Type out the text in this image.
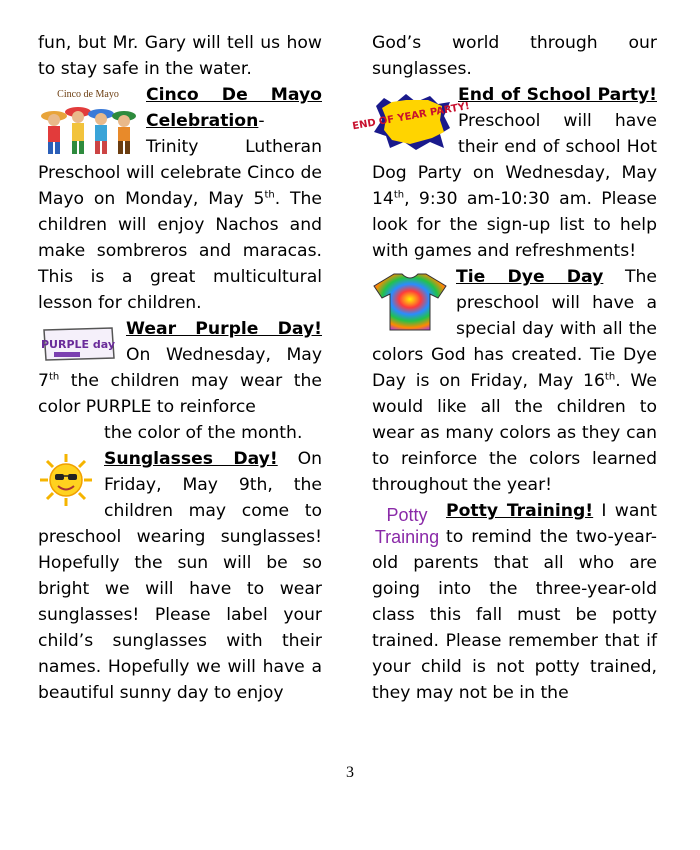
fun, but Mr. Gary will tell us how to stay safe in the water.

Cinco de Mayo	Cinco De Mayo Celebration- Trinity Lutheran Preschool will celebrate Cinco de Mayo on Monday, May 5th. The children will enjoy Nachos and make sombreros and maracas. This is a great multicultural lesson for children.

PURPLE day

Wear Purple Day! On Wednesday, May 7th the children may wear the color PURPLE to reinforce

the color of the month.

Sunglasses Day! On Friday, May 9th, the children may come to preschool wearing sunglasses! Hopefully the sun will be so bright we will have to wear sunglasses! Please label your child’s sunglasses with their names. Hopefully we will have a beautiful sunny day to enjoy

God’s world through our sunglasses.

END OF YEAR PARTY!

End of School Party! Preschool will have their end of school Hot Dog Party on Wednesday, May 14th, 9:30 am-10:30 am. Please look for the sign-up list to help with games and refreshments!

Tie Dye Day The preschool will have a special day with all the colors God has created. Tie Dye Day is on Friday, May 16th. We would like all the children to wear as many colors as they can to reinforce the colors learned throughout the year!

Potty
Training

Potty Training! I want to remind the two-year-old parents that all who are going into the three-year-old class this fall must be potty trained. Please remember that if your child is not potty trained, they may not be in the

3
